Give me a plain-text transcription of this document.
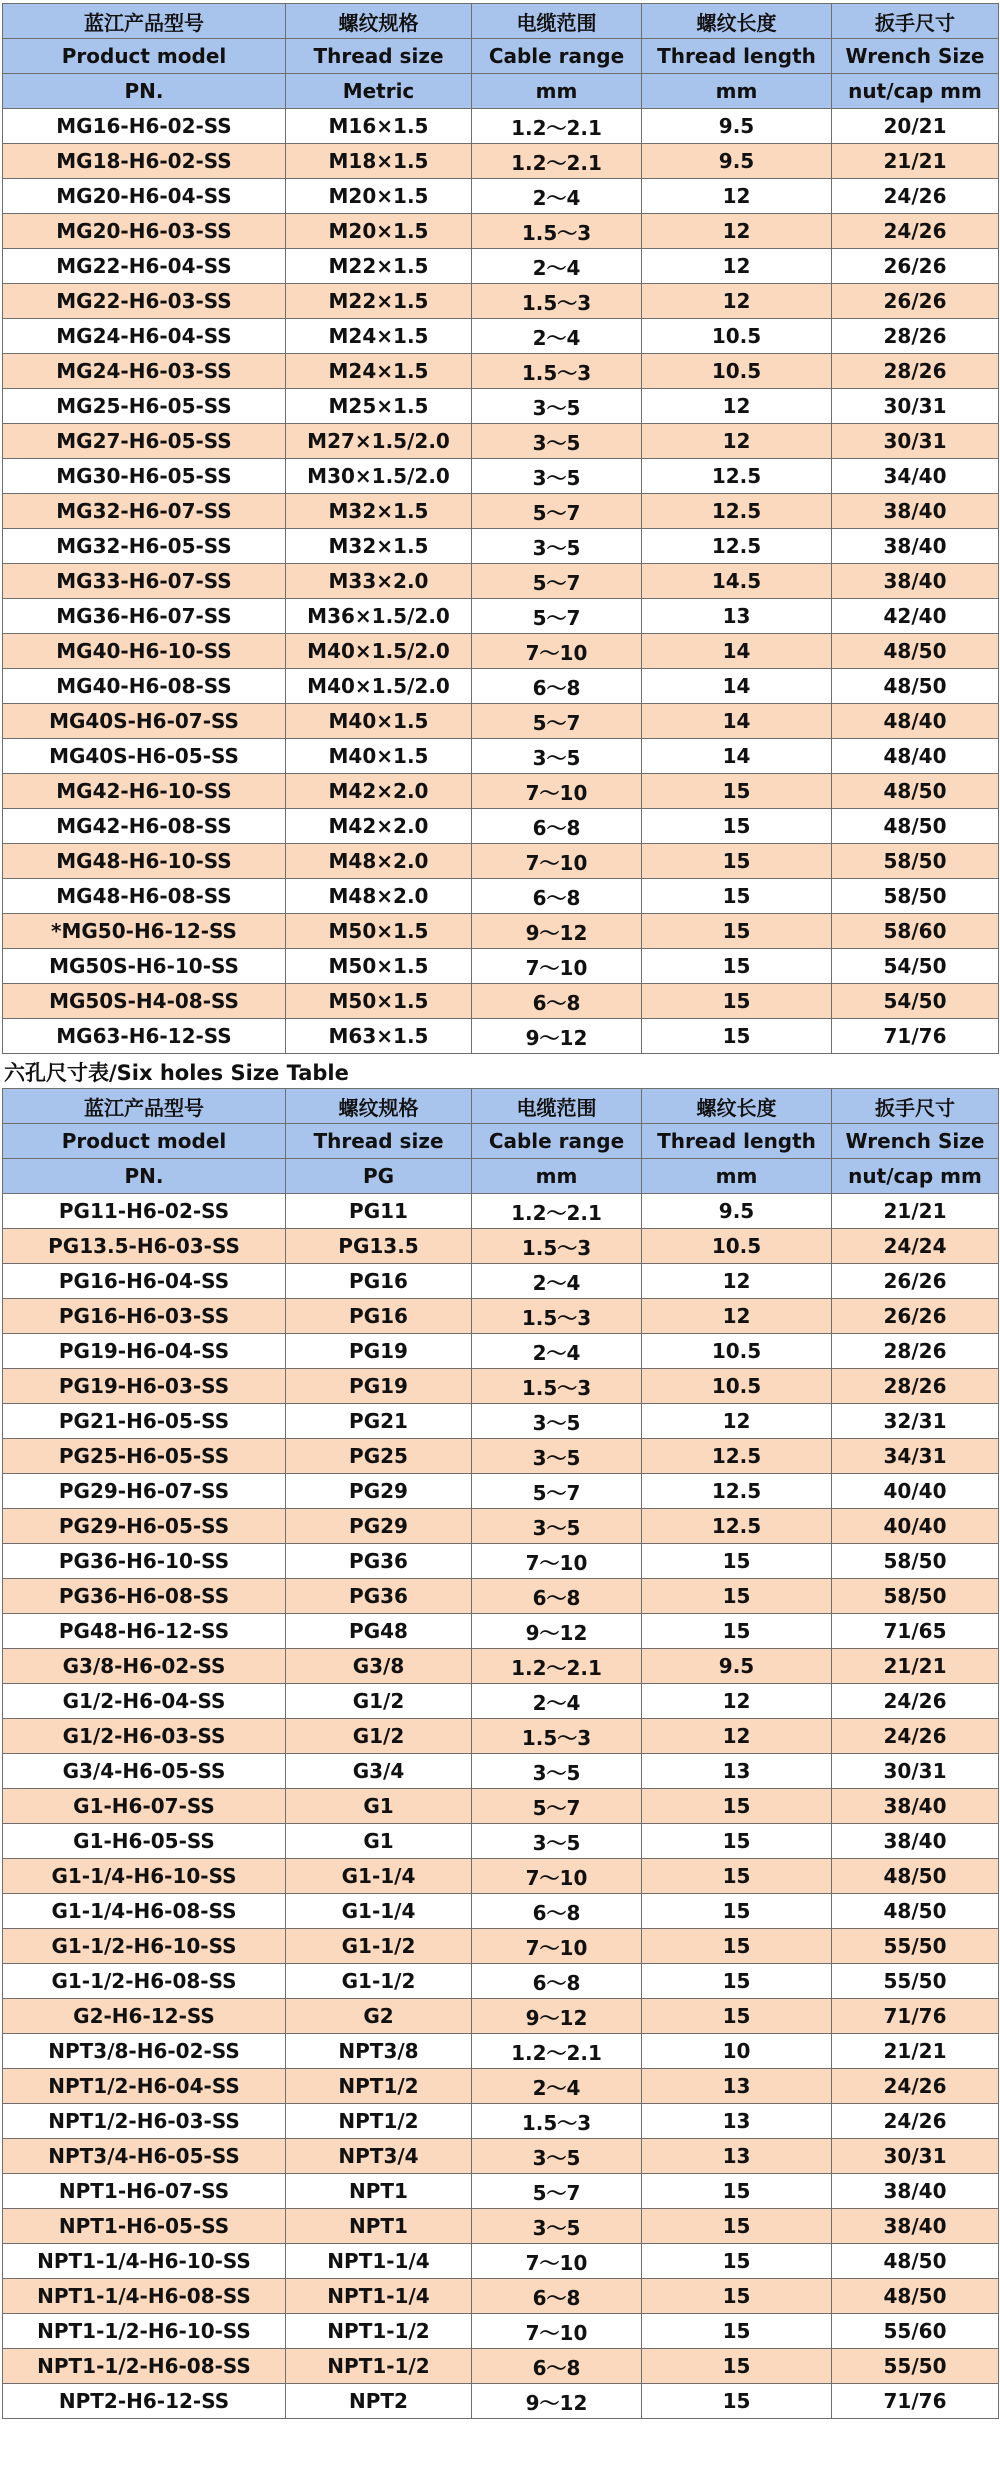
蓝江产品型号	螺纹规格	电缆范围	螺纹长度	扳手尺寸
Product model	Thread size	Cable range	Thread length	Wrench Size
PN.	Metric	mm	mm	nut/cap mm
MG16-H6-02-SS	M16×1.5	1.2～2.1	9.5	20/21
MG18-H6-02-SS	M18×1.5	1.2～2.1	9.5	21/21
MG20-H6-04-SS	M20×1.5	2～4	12	24/26
MG20-H6-03-SS	M20×1.5	1.5～3	12	24/26
MG22-H6-04-SS	M22×1.5	2～4	12	26/26
MG22-H6-03-SS	M22×1.5	1.5～3	12	26/26
MG24-H6-04-SS	M24×1.5	2～4	10.5	28/26
MG24-H6-03-SS	M24×1.5	1.5～3	10.5	28/26
MG25-H6-05-SS	M25×1.5	3～5	12	30/31
MG27-H6-05-SS	M27×1.5/2.0	3～5	12	30/31
MG30-H6-05-SS	M30×1.5/2.0	3～5	12.5	34/40
MG32-H6-07-SS	M32×1.5	5～7	12.5	38/40
MG32-H6-05-SS	M32×1.5	3～5	12.5	38/40
MG33-H6-07-SS	M33×2.0	5～7	14.5	38/40
MG36-H6-07-SS	M36×1.5/2.0	5～7	13	42/40
MG40-H6-10-SS	M40×1.5/2.0	7～10	14	48/50
MG40-H6-08-SS	M40×1.5/2.0	6～8	14	48/50
MG40S-H6-07-SS	M40×1.5	5～7	14	48/40
MG40S-H6-05-SS	M40×1.5	3～5	14	48/40
MG42-H6-10-SS	M42×2.0	7～10	15	48/50
MG42-H6-08-SS	M42×2.0	6～8	15	48/50
MG48-H6-10-SS	M48×2.0	7～10	15	58/50
MG48-H6-08-SS	M48×2.0	6～8	15	58/50
*MG50-H6-12-SS	M50×1.5	9～12	15	58/60
MG50S-H6-10-SS	M50×1.5	7～10	15	54/50
MG50S-H4-08-SS	M50×1.5	6～8	15	54/50
MG63-H6-12-SS	M63×1.5	9～12	15	71/76
六孔尺寸表/Six holes Size Table
蓝江产品型号	螺纹规格	电缆范围	螺纹长度	扳手尺寸
Product model	Thread size	Cable range	Thread length	Wrench Size
PN.	PG	mm	mm	nut/cap mm
PG11-H6-02-SS	PG11	1.2～2.1	9.5	21/21
PG13.5-H6-03-SS	PG13.5	1.5～3	10.5	24/24
PG16-H6-04-SS	PG16	2～4	12	26/26
PG16-H6-03-SS	PG16	1.5～3	12	26/26
PG19-H6-04-SS	PG19	2～4	10.5	28/26
PG19-H6-03-SS	PG19	1.5～3	10.5	28/26
PG21-H6-05-SS	PG21	3～5	12	32/31
PG25-H6-05-SS	PG25	3～5	12.5	34/31
PG29-H6-07-SS	PG29	5～7	12.5	40/40
PG29-H6-05-SS	PG29	3～5	12.5	40/40
PG36-H6-10-SS	PG36	7～10	15	58/50
PG36-H6-08-SS	PG36	6～8	15	58/50
PG48-H6-12-SS	PG48	9～12	15	71/65
G3/8-H6-02-SS	G3/8	1.2～2.1	9.5	21/21
G1/2-H6-04-SS	G1/2	2～4	12	24/26
G1/2-H6-03-SS	G1/2	1.5～3	12	24/26
G3/4-H6-05-SS	G3/4	3～5	13	30/31
G1-H6-07-SS	G1	5～7	15	38/40
G1-H6-05-SS	G1	3～5	15	38/40
G1-1/4-H6-10-SS	G1-1/4	7～10	15	48/50
G1-1/4-H6-08-SS	G1-1/4	6～8	15	48/50
G1-1/2-H6-10-SS	G1-1/2	7～10	15	55/50
G1-1/2-H6-08-SS	G1-1/2	6～8	15	55/50
G2-H6-12-SS	G2	9～12	15	71/76
NPT3/8-H6-02-SS	NPT3/8	1.2～2.1	10	21/21
NPT1/2-H6-04-SS	NPT1/2	2～4	13	24/26
NPT1/2-H6-03-SS	NPT1/2	1.5～3	13	24/26
NPT3/4-H6-05-SS	NPT3/4	3～5	13	30/31
NPT1-H6-07-SS	NPT1	5～7	15	38/40
NPT1-H6-05-SS	NPT1	3～5	15	38/40
NPT1-1/4-H6-10-SS	NPT1-1/4	7～10	15	48/50
NPT1-1/4-H6-08-SS	NPT1-1/4	6～8	15	48/50
NPT1-1/2-H6-10-SS	NPT1-1/2	7～10	15	55/60
NPT1-1/2-H6-08-SS	NPT1-1/2	6～8	15	55/50
NPT2-H6-12-SS	NPT2	9～12	15	71/76
